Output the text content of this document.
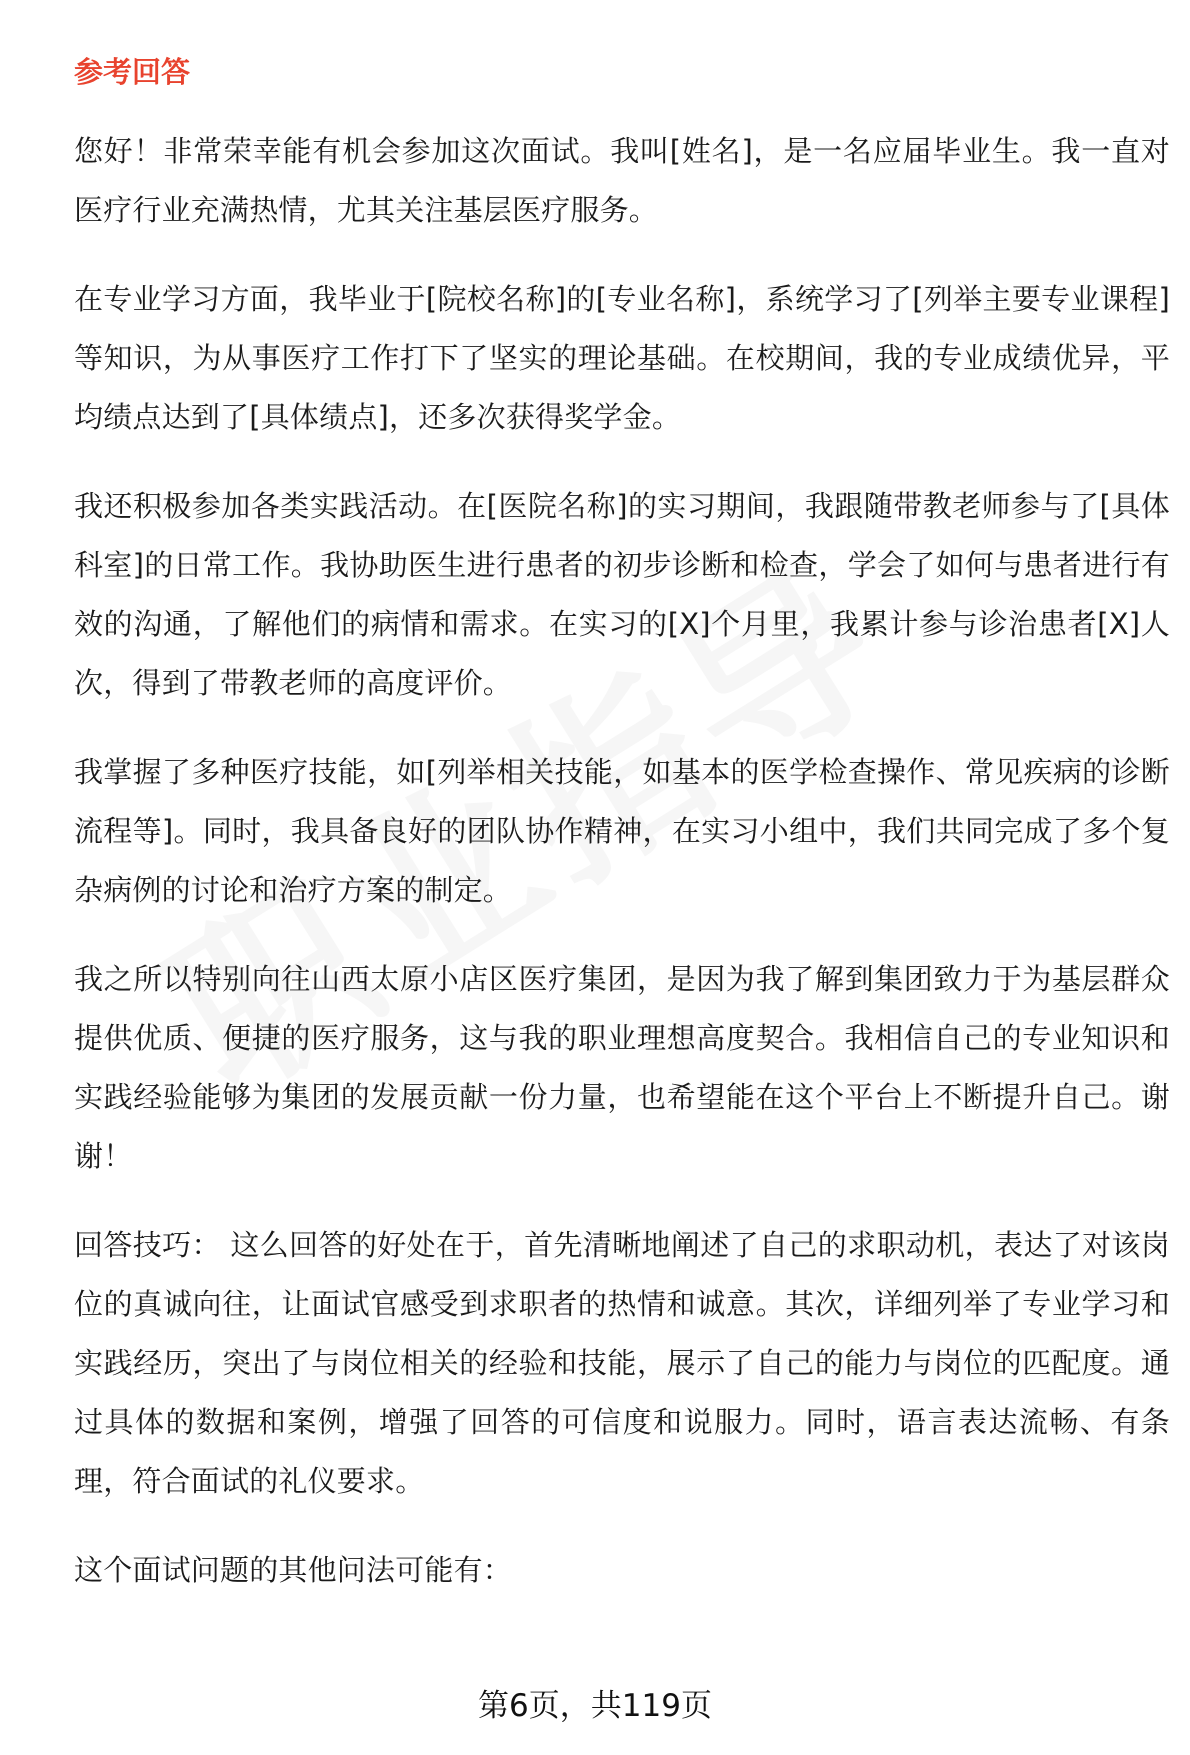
参考回答

您好！非常荣幸能有机会参加这次面试。我叫[姓名]，是一名应届毕业生。我一直对医疗行业充满热情，尤其关注基层医疗服务。

在专业学习方面，我毕业于[院校名称]的[专业名称]，系统学习了[列举主要专业课程]等知识，为从事医疗工作打下了坚实的理论基础。在校期间，我的专业成绩优异，平均绩点达到了[具体绩点]，还多次获得奖学金。

我还积极参加各类实践活动。在[医院名称]的实习期间，我跟随带教老师参与了[具体科室]的日常工作。我协助医生进行患者的初步诊断和检查，学会了如何与患者进行有效的沟通，了解他们的病情和需求。在实习的[X]个月里，我累计参与诊治患者[X]人次，得到了带教老师的高度评价。

我掌握了多种医疗技能，如[列举相关技能，如基本的医学检查操作、常见疾病的诊断流程等]。同时，我具备良好的团队协作精神，在实习小组中，我们共同完成了多个复杂病例的讨论和治疗方案的制定。

我之所以特别向往山西太原小店区医疗集团，是因为我了解到集团致力于为基层群众提供优质、便捷的医疗服务，这与我的职业理想高度契合。我相信自己的专业知识和实践经验能够为集团的发展贡献一份力量，也希望能在这个平台上不断提升自己。谢谢！

回答技巧： 这么回答的好处在于，首先清晰地阐述了自己的求职动机，表达了对该岗位的真诚向往，让面试官感受到求职者的热情和诚意。其次，详细列举了专业学习和实践经历，突出了与岗位相关的经验和技能，展示了自己的能力与岗位的匹配度。通过具体的数据和案例，增强了回答的可信度和说服力。同时，语言表达流畅、有条理，符合面试的礼仪要求。

这个面试问题的其他问法可能有：

第6页，共119页
